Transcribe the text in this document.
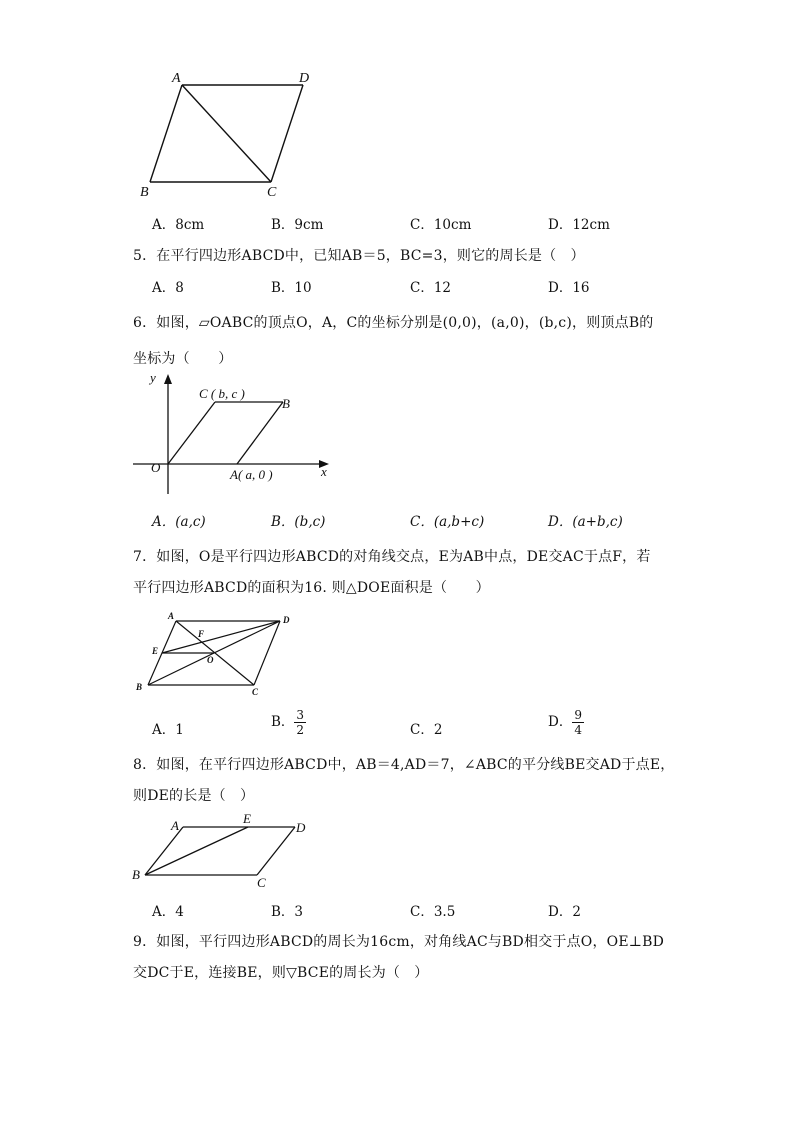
A	D
B	C
A．8cm	B．9cm	C．10cm	D．12cm
5．在平行四边形ABCD中，已知AB＝5，BC=3，则它的周长是（　）
A．8	B．10	C．12	D．16
6．如图，▱OABC的顶点O，A，C的坐标分别是(0,0)，(a,0)，(b,c)，则顶点B的
坐标为（　　）
y
x
O
C ( b, c )
B
A( a, 0 )
A．(a,c)	B．(b,c)	C．(a,b+c)	D．(a+b,c)
7．如图，O是平行四边形ABCD的对角线交点，E为AB中点，DE交AC于点F，若
平行四边形ABCD的面积为16. 则△DOE面积是（　　）
A	D
B	C
E
F
O
A．1	B． $\frac{3}{2}$	C．2	D． $\frac{9}{4}$
8．如图，在平行四边形ABCD中，AB＝4,AD＝7，∠ABC的平分线BE交AD于点E，
则DE的长是（　）
A	E
D
B
C
A．4	B．3	C．3.5	D．2
9．如图，平行四边形ABCD的周长为16cm，对角线AC与BD相交于点O，OE⊥BD
交DC于E，连接BE，则▽BCE的周长为（　）
